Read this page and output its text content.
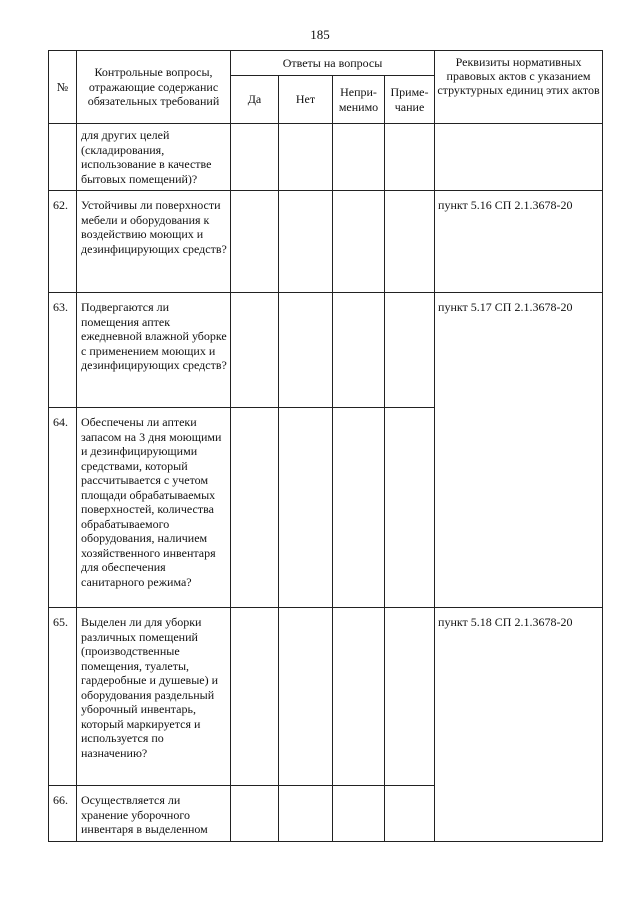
185
№	Контрольные вопросы, отражающие содержанис обязательных требований	Ответы на вопросы				Реквизиты нормативных правовых актов с указанием структурных единиц этих актов
		Да	Нет	Непри-менимо	Приме-чание	
	для других целей (складирования, использование в качестве бытовых помещений)?					
62.	Устойчивы ли поверхности мебели и оборудования к воздействию моющих и дезинфицирующих средств?					пункт 5.16 СП 2.1.3678-20
63.	Подвергаются ли помещения аптек ежедневной влажной уборке с применением моющих и дезинфицирующих средств?					пункт 5.17 СП 2.1.3678-20
64.	Обеспечены ли аптеки запасом на 3 дня моющими и дезинфицирующими средствами, который рассчитывается с учетом площади обрабатываемых поверхностей, количества обрабатываемого оборудования, наличием хозяйственного инвентаря для обеспечения санитарного режима?					
65.	Выделен ли для уборки различных помещений (производственные помещения, туалеты, гардеробные и душевые) и оборудования раздельный уборочный инвентарь, который маркируется и используется по назначению?					пункт 5.18 СП 2.1.3678-20
66.	Осуществляется ли хранение уборочного инвентаря в выделенном					
